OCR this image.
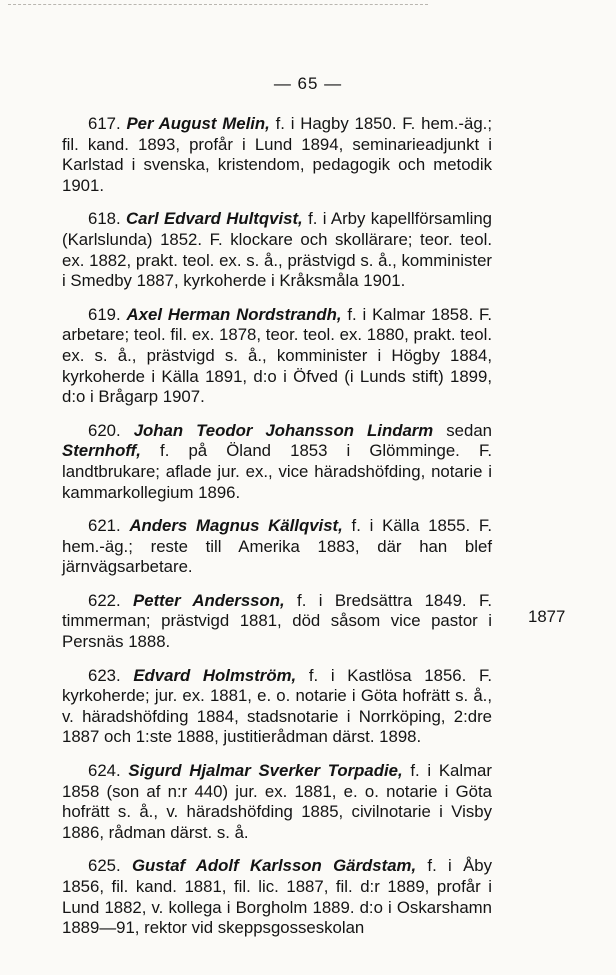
— 65 —

617. Per August Melin, f. i Hagby 1850. F. hem.-äg.; fil. kand. 1893, profår i Lund 1894, seminarieadjunkt i Karlstad i svenska, kristendom, pedagogik och metodik 1901.

618. Carl Edvard Hultqvist, f. i Arby kapellförsamling (Karlslunda) 1852. F. klockare och skollärare; teor. teol. ex. 1882, prakt. teol. ex. s. å., prästvigd s. å., komminister i Smedby 1887, kyrkoherde i Kråksmåla 1901.

619. Axel Herman Nordstrandh, f. i Kalmar 1858. F. arbetare; teol. fil. ex. 1878, teor. teol. ex. 1880, prakt. teol. ex. s. å., prästvigd s. å., komminister i Högby 1884, kyrkoherde i Källa 1891, d:o i Öfved (i Lunds stift) 1899, d:o i Brågarp 1907.

620. Johan Teodor Johansson Lindarm sedan Sternhoff, f. på Öland 1853 i Glömminge. F. landtbrukare; aflade jur. ex., vice häradshöfding, notarie i kammarkollegium 1896.

621. Anders Magnus Källqvist, f. i Källa 1855. F. hem.-äg.; reste till Amerika 1883, där han blef järnvägsarbetare.

622. Petter Andersson, f. i Bredsättra 1849. F. timmerman; prästvigd 1881, död såsom vice pastor i Persnäs 1888.

623. Edvard Holmström, f. i Kastlösa 1856. F. kyrkoherde; jur. ex. 1881, e. o. notarie i Göta hofrätt s. å., v. häradshöfding 1884, stadsnotarie i Norrköping, 2:dre 1887 och 1:ste 1888, justitierådman därst. 1898.

624. Sigurd Hjalmar Sverker Torpadie, f. i Kalmar 1858 (son af n:r 440) jur. ex. 1881, e. o. notarie i Göta hofrätt s. å., v. häradshöfding 1885, civilnotarie i Visby 1886, rådman därst. s. å.

625. Gustaf Adolf Karlsson Gärdstam, f. i Åby 1856, fil. kand. 1881, fil. lic. 1887, fil. d:r 1889, profår i Lund 1882, v. kollega i Borgholm 1889. d:o i Oskarshamn 1889—91, rektor vid skeppsgosseskolan

1877
